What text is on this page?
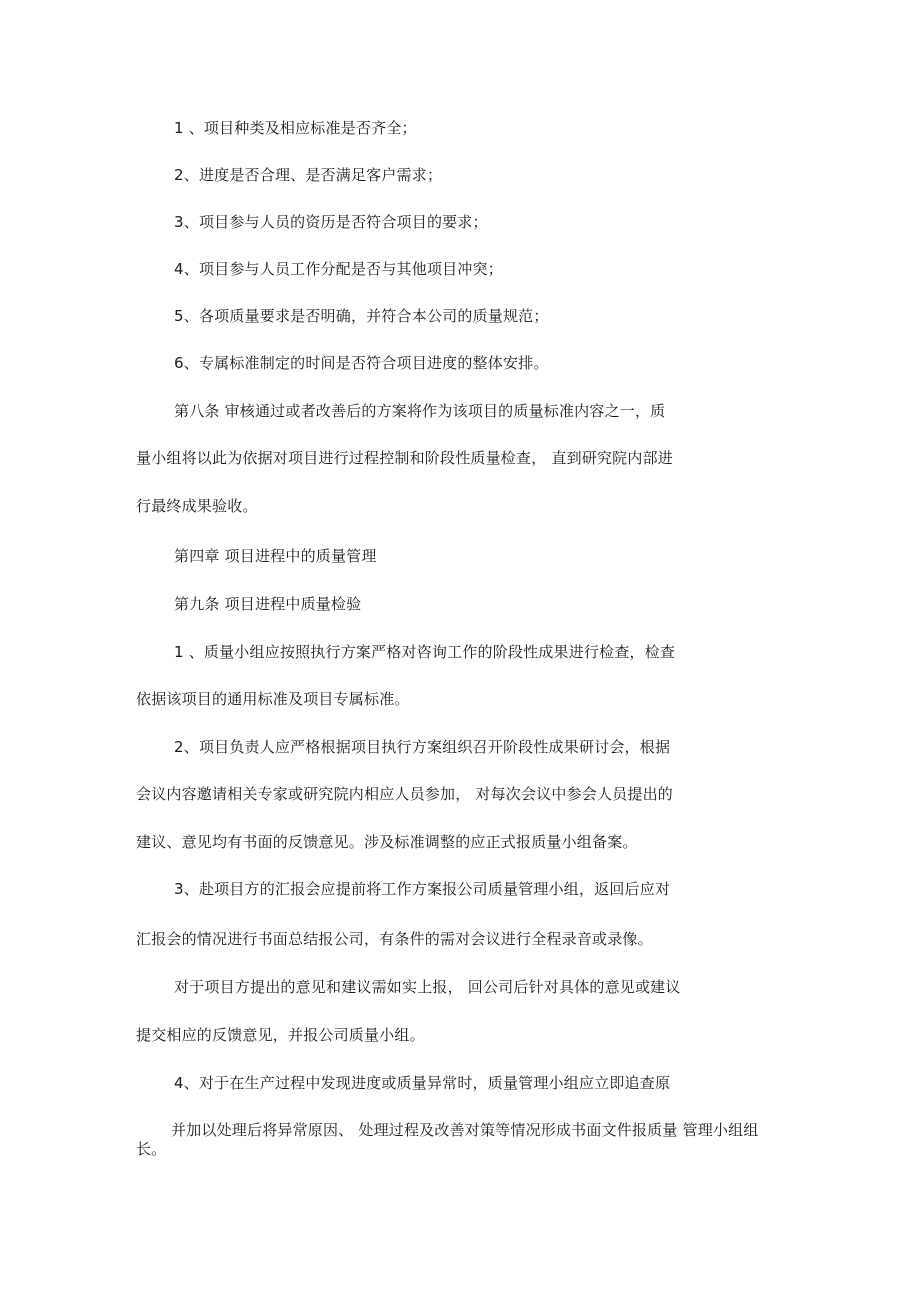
1 、项目种类及相应标准是否齐全；
2、进度是否合理、是否满足客户需求；
3、项目参与人员的资历是否符合项目的要求；
4、项目参与人员工作分配是否与其他项目冲突；
5、各项质量要求是否明确，并符合本公司的质量规范；
6、专属标准制定的时间是否符合项目进度的整体安排。
第八条 审核通过或者改善后的方案将作为该项目的质量标准内容之一，质
量小组将以此为依据对项目进行过程控制和阶段性质量检查， 直到研究院内部进
行最终成果验收。
第四章 项目进程中的质量管理
第九条 项目进程中质量检验
1 、质量小组应按照执行方案严格对咨询工作的阶段性成果进行检查，检查
依据该项目的通用标准及项目专属标准。
2、项目负责人应严格根据项目执行方案组织召开阶段性成果研讨会，根据
会议内容邀请相关专家或研究院内相应人员参加， 对每次会议中参会人员提出的
建议、意见均有书面的反馈意见。涉及标准调整的应正式报质量小组备案。
3、赴项目方的汇报会应提前将工作方案报公司质量管理小组，返回后应对
汇报会的情况进行书面总结报公司，有条件的需对会议进行全程录音或录像。
对于项目方提出的意见和建议需如实上报， 回公司后针对具体的意见或建议
提交相应的反馈意见，并报公司质量小组。
4、对于在生产过程中发现进度或质量异常时，质量管理小组应立即追查原
并加以处理后将异常原因、 处理过程及改善对策等情况形成书面文件报质量 管理小组组
长。
